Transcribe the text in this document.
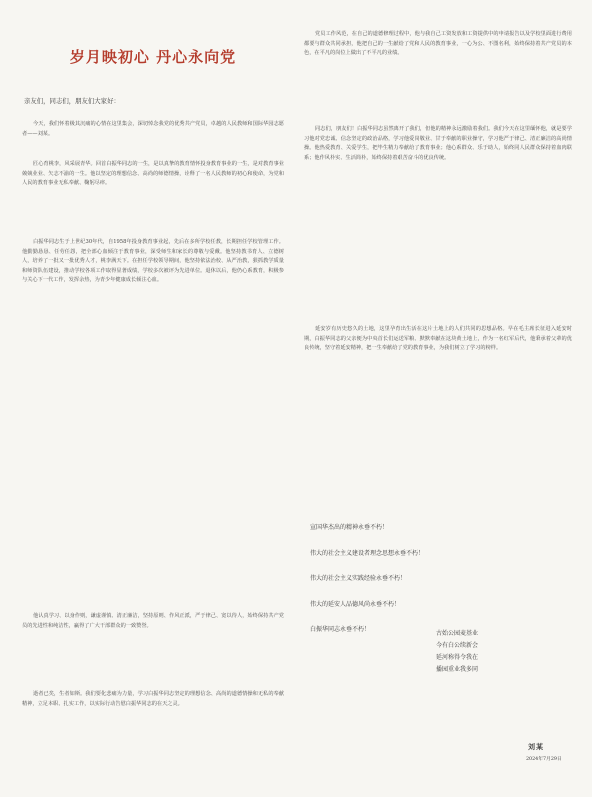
岁月映初心 丹心永向党
亲友们，同志们，朋友们大家好：

今天，我们怀着极其沉痛的心情在这里集会，深切悼念我党的优秀共产党员，卓越的人民教师和国际华园志愿者——刘某。

匠心育桃李，风采展青华。回首白振华同志的一生，是以真挚的教育情怀投身教育事业的一生，是对教育事业兢兢业业、矢志不渝的一生。他以坚定的理想信念、高尚的师德情操，诠释了一名人民教师的初心和使命，为党和人民的教育事业无私奉献、鞠躬尽瘁。

白振华同志生于上世纪30年代，自1958年投身教育事业起，先后在多所学校任教，长期担任学校管理工作。他勤勤恳恳、任劳任怨，把全部心血倾注于教育事业，深受师生和家长的尊敬与爱戴。他坚持教书育人、立德树人，培养了一批又一批优秀人才，桃李满天下。在担任学校领导期间，他坚持依法治校、从严治教，狠抓教学质量和师资队伍建设，推动学校各项工作取得显著成绩，学校多次被评为先进单位。退休以后，他仍心系教育，积极参与关心下一代工作，发挥余热，为青少年健康成长倾注心血。

他认真学习、以身作则，谦虚谨慎、清正廉洁，坚持原则、作风正派，严于律己、宽以待人，始终保持共产党员的先进性和纯洁性，赢得了广大干部群众的一致赞誉。

逝者已矣，生者如斯。我们要化悲痛为力量，学习白振华同志坚定的理想信念、高尚的道德情操和无私的奉献精神，立足本职、扎实工作，以实际行动告慰白振华同志的在天之灵。

党员工作风范，在自己的道德修理过程中，他与我自己工资发放和工资提供中的申请报告以及学校里面进行费用都要与群众共同承担，他把自己的一生献给了党和人民的教育事业，一心为公、不图名利，始终保持着共产党员的本色，在平凡的岗位上做出了不平凡的业绩。

同志们，朋友们！白振华同志虽然离开了我们，但他的精神永远激励着我们。我们今天在这里缅怀他，就是要学习他对党忠诚、信念坚定的政治品格，学习他爱岗敬业、甘于奉献的职业操守，学习他严于律己、清正廉洁的高尚情操。他热爱教育、关爱学生，把毕生精力奉献给了教育事业；他心系群众、乐于助人，始终同人民群众保持着血肉联系；他作风朴实、生活简朴，始终保持着艰苦奋斗的优良传统。

延安岁有历史悠久的土地，这里孕育出生活在这片土地上的人们共同的思想品格。早在毛主席长征进入延安时期，白振华同志的父亲便为中央首长们运送军粮、默默奉献在这块黄土地上，作为一名红军后代，他秉承着父辈的优良传统，坚守着延安精神，把一生奉献给了党的教育事业，为我们树立了学习的榜样。

宣国华杰出的精神永垂不朽！
伟大的社会主义建设者理念思想永垂不朽！
伟大的社会主义实践经验永垂不朽！
伟大的延安人品德风尚永垂不朽！
白振华同志永垂不朽！
古始公园麦基业
今有白公续新会
延河称得令我在
播园重业我多同
刘某
2024年7月29日
